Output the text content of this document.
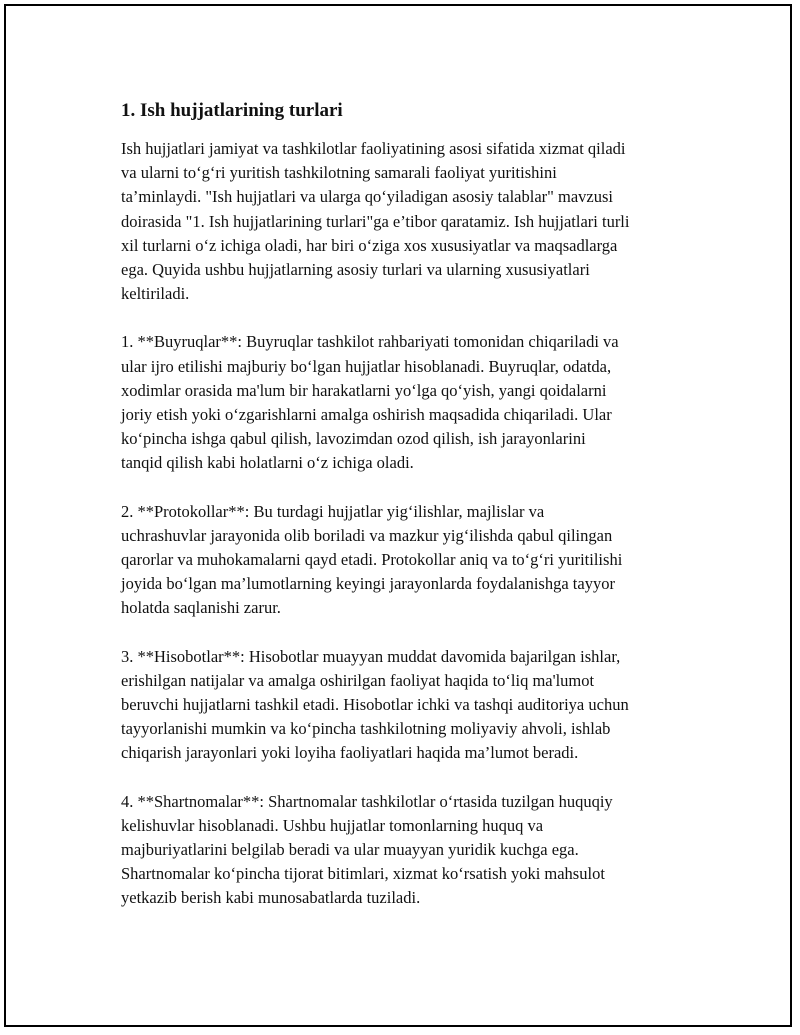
1. Ish hujjatlarining turlari

Ish hujjatlari jamiyat va tashkilotlar faoliyatining asosi sifatida xizmat qiladi
va ularni to‘g‘ri yuritish tashkilotning samarali faoliyat yuritishini
ta’minlaydi. "Ish hujjatlari va ularga qo‘yiladigan asosiy talablar" mavzusi
doirasida "1. Ish hujjatlarining turlari"ga e’tibor qaratamiz. Ish hujjatlari turli
xil turlarni o‘z ichiga oladi, har biri o‘ziga xos xususiyatlar va maqsadlarga
ega. Quyida ushbu hujjatlarning asosiy turlari va ularning xususiyatlari
keltiriladi.

1. **Buyruqlar**: Buyruqlar tashkilot rahbariyati tomonidan chiqariladi va
ular ijro etilishi majburiy bo‘lgan hujjatlar hisoblanadi. Buyruqlar, odatda,
xodimlar orasida ma'lum bir harakatlarni yo‘lga qo‘yish, yangi qoidalarni
joriy etish yoki o‘zgarishlarni amalga oshirish maqsadida chiqariladi. Ular
ko‘pincha ishga qabul qilish, lavozimdan ozod qilish, ish jarayonlarini
tanqid qilish kabi holatlarni o‘z ichiga oladi.

2. **Protokollar**: Bu turdagi hujjatlar yig‘ilishlar, majlislar va
uchrashuvlar jarayonida olib boriladi va mazkur yig‘ilishda qabul qilingan
qarorlar va muhokamalarni qayd etadi. Protokollar aniq va to‘g‘ri yuritilishi
joyida bo‘lgan ma’lumotlarning keyingi jarayonlarda foydalanishga tayyor
holatda saqlanishi zarur.

3. **Hisobotlar**: Hisobotlar muayyan muddat davomida bajarilgan ishlar,
erishilgan natijalar va amalga oshirilgan faoliyat haqida to‘liq ma'lumot
beruvchi hujjatlarni tashkil etadi. Hisobotlar ichki va tashqi auditoriya uchun
tayyorlanishi mumkin va ko‘pincha tashkilotning moliyaviy ahvoli, ishlab
chiqarish jarayonlari yoki loyiha faoliyatlari haqida ma’lumot beradi.

4. **Shartnomalar**: Shartnomalar tashkilotlar o‘rtasida tuzilgan huquqiy
kelishuvlar hisoblanadi. Ushbu hujjatlar tomonlarning huquq va
majburiyatlarini belgilab beradi va ular muayyan yuridik kuchga ega.
Shartnomalar ko‘pincha tijorat bitimlari, xizmat ko‘rsatish yoki mahsulot
yetkazib berish kabi munosabatlarda tuziladi.
